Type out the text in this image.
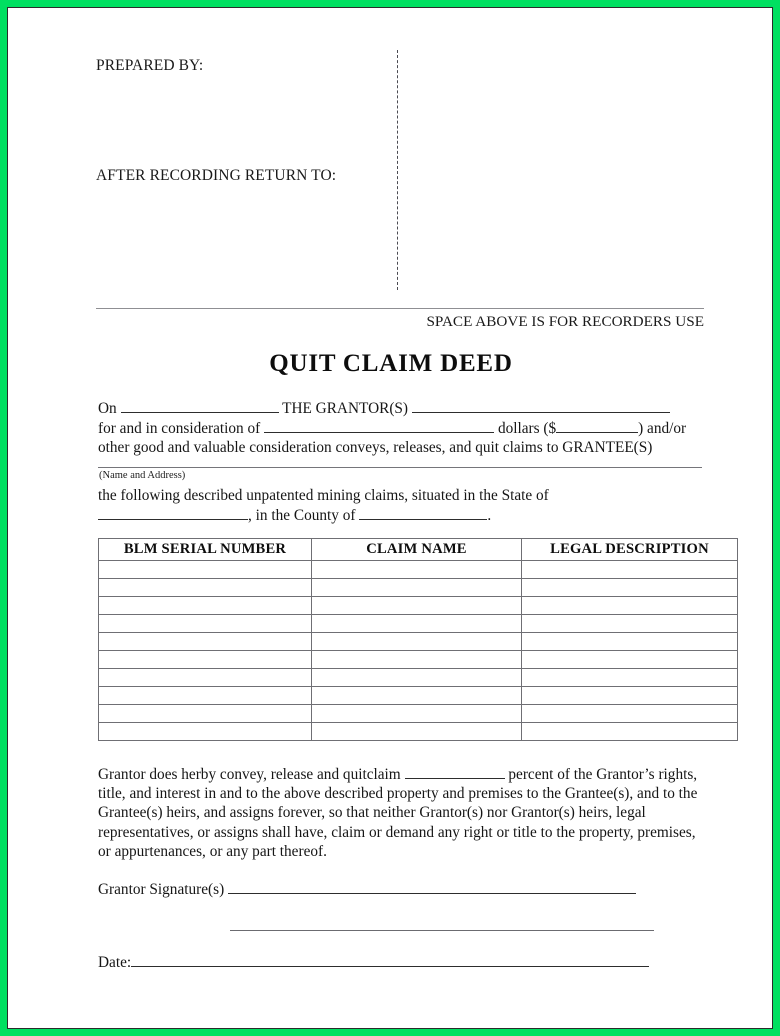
PREPARED BY:
AFTER RECORDING RETURN TO:
SPACE ABOVE IS FOR RECORDERS USE
QUIT CLAIM DEED
On	THE GRANTOR(S)
for and in consideration of	dollars ($	) and/or
other good and valuable consideration conveys, releases, and quit claims to GRANTEE(S)
(Name and Address)
the following described unpatented mining claims, situated in the State of
, in the County of	.
BLM SERIAL NUMBER	CLAIM NAME	LEGAL DESCRIPTION

Grantor does herby convey, release and quitclaim	percent of the Grantor’s rights,
title, and interest in and to the above described property and premises to the Grantee(s), and to the
Grantee(s) heirs, and assigns forever, so that neither Grantor(s) nor Grantor(s) heirs, legal
representatives, or assigns shall have, claim or demand any right or title to the property, premises,
or appurtenances, or any part thereof.
Grantor Signature(s)
Date:
